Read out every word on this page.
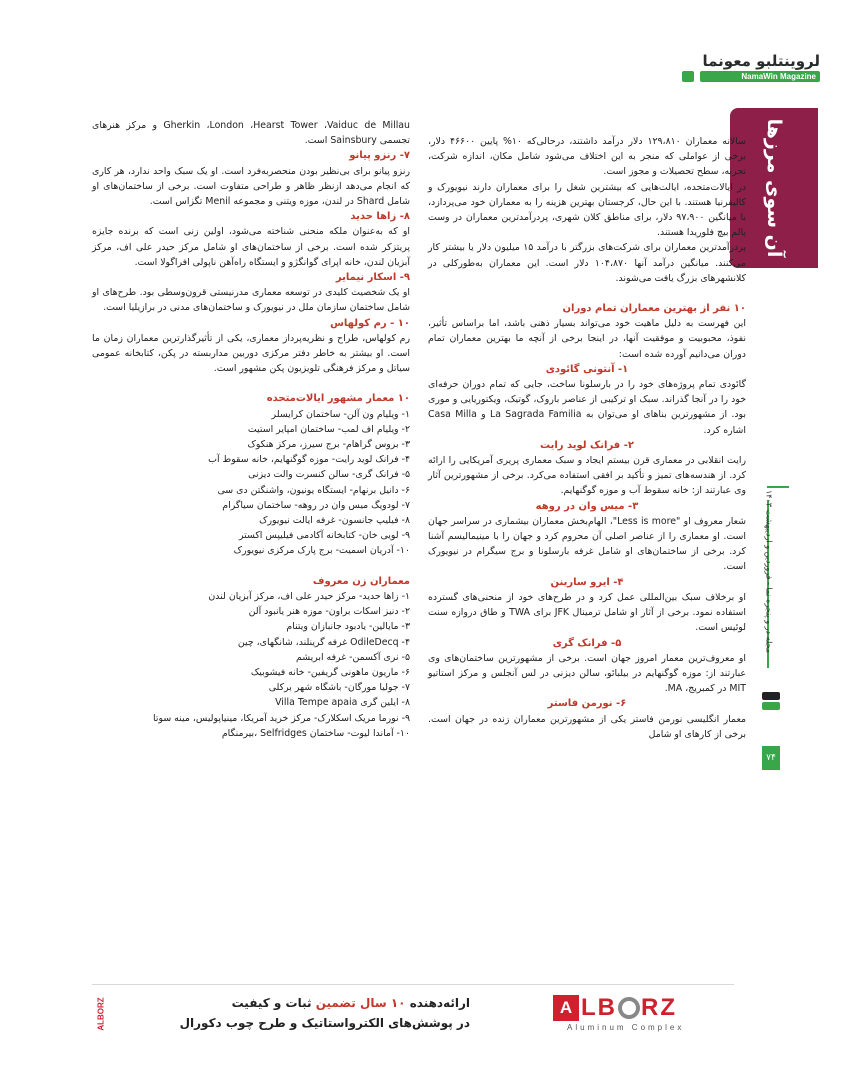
لروینتلبو معونما
NamaWin Magazine
آن سوی مرزها
مجله در و پنجره نما - فروردین و اردیبهشت ۱۴۰۳
۷۴

سالانه معماران ۱۲۹،۸۱۰ دلار درآمد داشتند، درحالی‌که ۱۰% پایین ۴۶۶۰۰ دلار، برخی از عواملی که منجر به این اختلاف می‌شود شامل مکان، اندازه شرکت، تجربه، سطح تحصیلات و مجوز است.

در ایالات‌متحده، ایالت‌هایی که بیشترین شغل را برای معماران دارند نیویورک و کالیفرنیا هستند. با این حال، کرجستان بهترین هزینه را به معماران خود می‌پردازد، با میانگین ۹۷،۹۰۰ دلار، برای مناطق کلان شهری، پردرآمدترین معماران در وست پالم بیچ فلوریدا هستند.

پردرآمدترین معماران برای شرکت‌های بزرگتر با درآمد ۱۵ میلیون دلار یا بیشتر کار می‌کنند. میانگین درآمد آنها ۱۰۴،۸۷۰ دلار است. این معماران به‌طورکلی در کلانشهرهای بزرگ یافت می‌شوند.

۱۰ نفر از بهترین معماران تمام دوران

این فهرست به دلیل ماهیت خود می‌تواند بسیار ذهنی باشد، اما براساس تأثیر، نفوذ، محبوبیت و موفقیت آنها، در اینجا برخی از آنچه ما بهترین معماران تمام دوران می‌دانیم آورده شده است:

۱- آنتونی گائودی

گائودی تمام پروژه‌های خود را در بارسلونا ساخت، جایی که تمام دوران حرفه‌ای خود را در آنجا گذراند. سبک او ترکیبی از عناصر باروک، گوتیک، ویکتوریایی و موری بود. از مشهورترین بناهای او می‌توان به La Sagrada Familia و Casa Milla اشاره کرد.

۲- فرانک لوید رایت

رایت انقلابی در معماری قرن بیستم ایجاد و سبک معماری پریری آمریکایی را ارائه کرد. از هندسه‌های تمیز و تأکید بر افقی استفاده می‌کرد. برخی از مشهورترین آثار وی عبارتند از: خانه سقوط آب و موزه گوگنهایم.

۳- میس وان در روهه

شعار معروف او "Less is more"، الهام‌بخش معماران بیشماری در سراسر جهان است. او معماری را از عناصر اصلی آن محروم کرد و جهان را با مینیمالیسم آشنا کرد. برخی از ساختمان‌های او شامل غرفه بارسلونا و برج سیگرام در نیویورک است.

۴- ایرو سارینن

او برخلاف سبک بین‌المللی عمل کرد و در طرح‌های خود از منحنی‌های گسترده استفاده نمود. برخی از آثار او شامل ترمینال JFK برای TWA و طاق دروازه سنت لوئیس است.

۵- فرانک گری

او معروف‌ترین معمار امروز جهان است. برخی از مشهورترین ساختمان‌های وی عبارتند از: موزه گوگنهایم در بیلبائو، سالن دیزنی در لس آنجلس و مرکز استاتیو MIT در کمبریج، MA.

۶- نورمن فاستر

معمار انگلیسی نورمن فاستر یکی از مشهورترین معماران زنده در جهان است. برخی از کارهای او شامل

Gherkin ،London ،Hearst Tower ،Vaiduc de Millau و مرکز هنرهای تجسمی Sainsbury است.

۷- رنزو پیانو

رنزو پیانو برای بی‌نظیر بودن منحصربه‌فرد است. او یک سبک واحد ندارد، هر کاری که انجام می‌دهد ازنظر ظاهر و طراحی متفاوت است. برخی از ساختمان‌های او شامل Shard در لندن، موزه ویتنی و مجموعه Menil تگزاس است.

۸- زاها حدید

او که به‌عنوان ملکه منحنی شناخته می‌شود، اولین زنی است که برنده جایزه پریتزکر شده است. برخی از ساختمان‌های او شامل مرکز حیدر علی اف، مرکز آبزیان لندن، خانه اپرای گوانگژو و ایستگاه راه‌آهن ناپولی افراگولا است.

۹- اسکار نیمایر

او یک شخصیت کلیدی در توسعه معماری مدرنیستی قرون‌وسطی بود. طرح‌های او شامل ساختمان سازمان ملل در نیویورک و ساختمان‌های مدنی در برازیلیا است.

۱۰ - رم کولهاس

رم کولهاس، طراح و نظریه‌پرداز معماری، یکی از تأثیرگذارترین معماران زمان ما است. او بیشتر به خاطر دفتر مرکزی دوربین مداربسته در پکن، کتابخانه عمومی سیاتل و مرکز فرهنگی تلویزیون پکن مشهور است.

۱۰ معمار مشهور ایالات‌متحده

۱- ویلیام ون آلن- ساختمان کرایسلر

۲- ویلیام اف لمب- ساختمان امپایر استیت

۳- بروس گراهام- برج سیرز، مرکز هنکوک

۴- فرانک لوید رایت- موزه گوگنهایم، خانه سقوط آب

۵- فرانک گری- سالن کنسرت والت دیزنی

۶- دانیل برنهام- ایستگاه یونیون، واشنگتن دی سی

۷- لودویگ میس وان در روهه- ساختمان سیاگرام

۸- فیلیپ جانسون- غرفه ایالت نیویورک

۹- لویی خان- کتابخانه آکادمی فیلیپس اکستر

۱۰- آدریان اسمیت- برج پارک مرکزی نیویورک

معماران زن معروف

۱- زاها حدید- مرکز حیدر علی اف، مرکز آبزیان لندن

۲- دنیز اسکات براون- موزه هنر یانبود آلن

۳- مایالین- یادبود جانبازان ویتنام

۴- OdileDecq غرفه گرینلند، شانگهای، چین

۵- نری آکسمن- غرفه ابریشم

۶- ماریون ماهونی گریفین- خانه فیشوبیک

۷- جولیا مورگان- باشگاه شهر برکلی

۸- ایلین گری Villa Tempe apaia

۹- نورما مریک اسکلارک- مرکز خرید آمریکا، مینیاپولیس، مینه سوتا

۱۰- آماندا لیوت- ساختمان Selfridges ،بیرمنگام

ارائه‌دهنده ۱۰ سال تضمین ثبات و کیفیت
در پوشش‌های الکترواستاتیک و طرح چوب دکورال
A LB RZ
Aluminum Complex
ALBORZ
